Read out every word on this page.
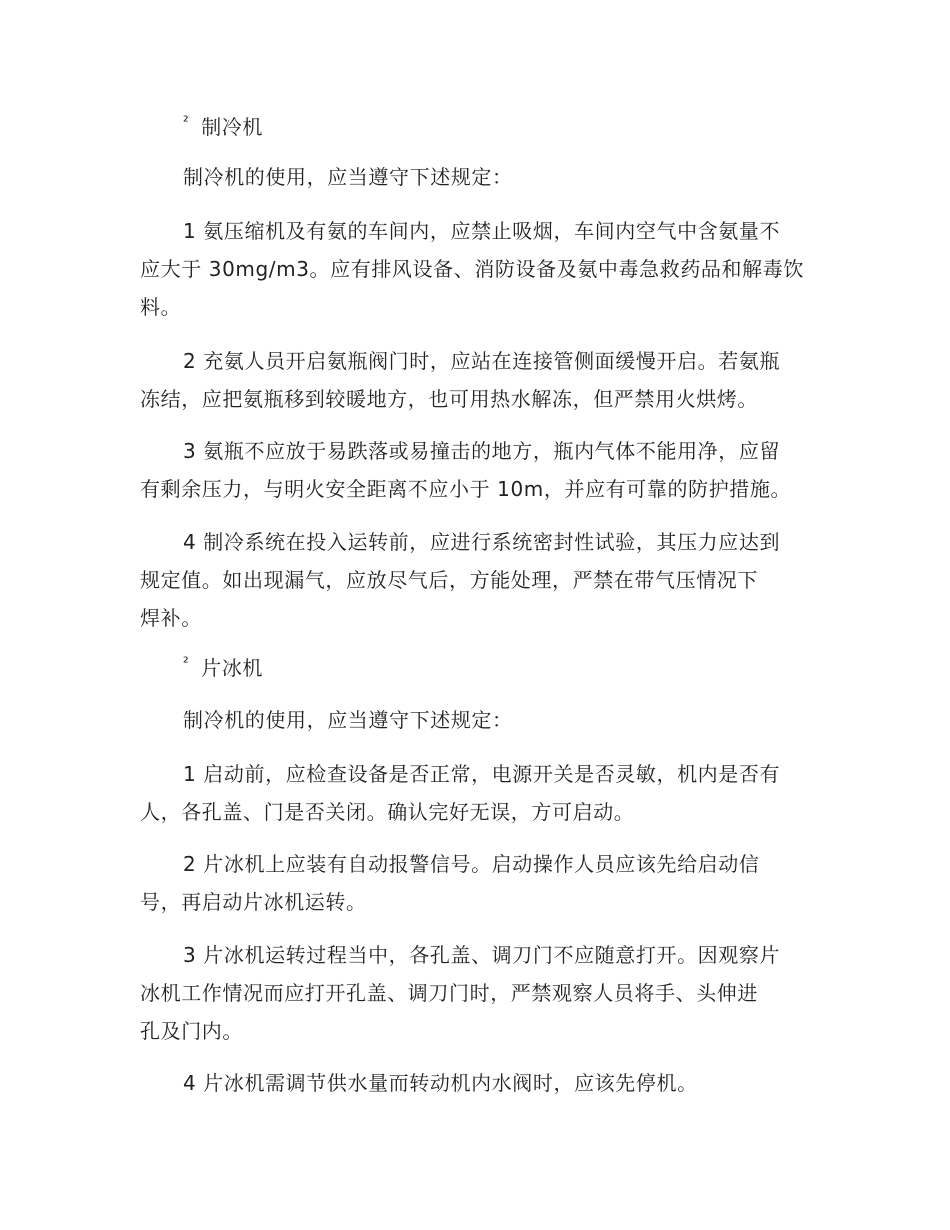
$^{^2}$ 制冷机
制冷机的使用，应当遵守下述规定：
1 氨压缩机及有氨的车间内，应禁止吸烟，车间内空气中含氨量不
应大于 30mg/m3。应有排风设备、消防设备及氨中毒急救药品和解毒饮
料。
2 充氨人员开启氨瓶阀门时，应站在连接管侧面缓慢开启。若氨瓶
冻结，应把氨瓶移到较暖地方，也可用热水解冻，但严禁用火烘烤。
3 氨瓶不应放于易跌落或易撞击的地方，瓶内气体不能用净，应留
有剩余压力，与明火安全距离不应小于 10m，并应有可靠的防护措施。
4 制冷系统在投入运转前，应进行系统密封性试验，其压力应达到
规定值。如出现漏气，应放尽气后，方能处理，严禁在带气压情况下
焊补。
$^{^2}$ 片冰机
制冷机的使用，应当遵守下述规定：
1 启动前，应检查设备是否正常，电源开关是否灵敏，机内是否有
人，各孔盖、门是否关闭。确认完好无误，方可启动。
2 片冰机上应装有自动报警信号。启动操作人员应该先给启动信
号，再启动片冰机运转。
3 片冰机运转过程当中，各孔盖、调刀门不应随意打开。因观察片
冰机工作情况而应打开孔盖、调刀门时，严禁观察人员将手、头伸进
孔及门内。
4 片冰机需调节供水量而转动机内水阀时，应该先停机。
